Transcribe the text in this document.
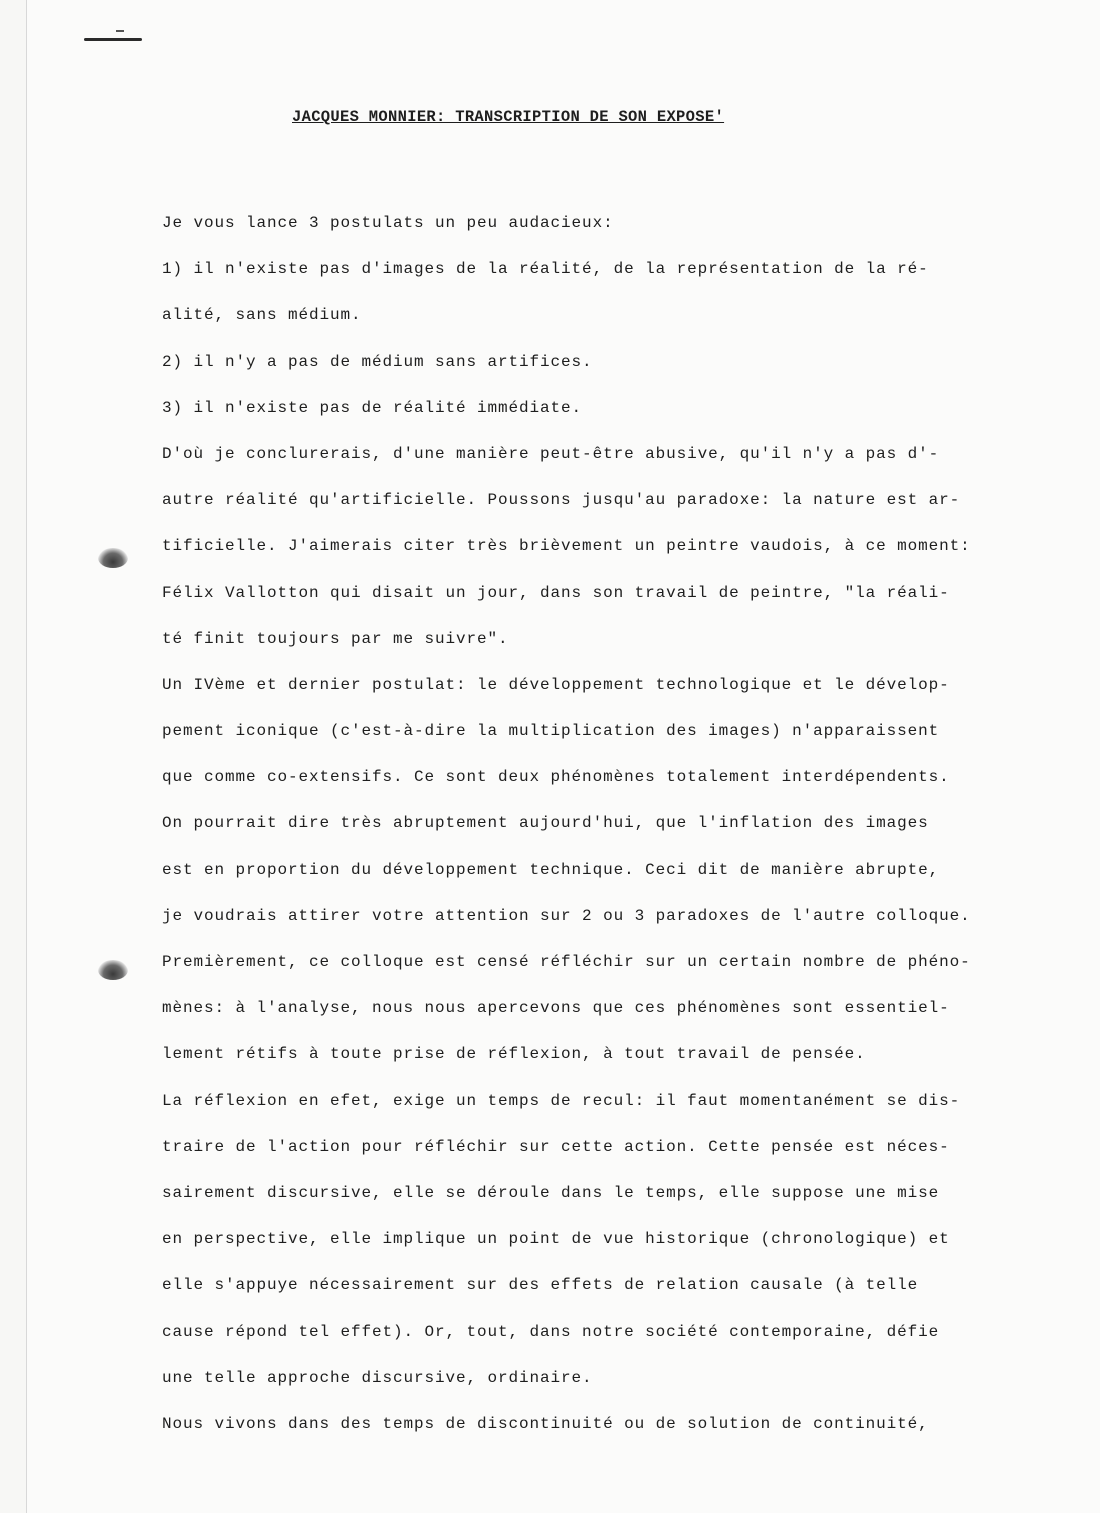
JACQUES MONNIER: TRANSCRIPTION DE SON EXPOSE'

Je vous lance 3 postulats un peu audacieux:

1) il n'existe pas d'images de la réalité, de la représentation de la ré-

alité, sans médium.

2) il n'y a pas de médium sans artifices.

3) il n'existe pas de réalité immédiate.

D'où je conclurerais, d'une manière peut-être abusive, qu'il n'y a pas d'-

autre réalité qu'artificielle. Poussons jusqu'au paradoxe: la nature est ar-

tificielle. J'aimerais citer très brièvement un peintre vaudois, à ce moment:

Félix Vallotton qui disait un jour, dans son travail de peintre, "la réali-

té finit toujours par me suivre".

Un IVème et dernier postulat: le développement technologique et le dévelop-

pement iconique (c'est-à-dire la multiplication des images) n'apparaissent

que comme co-extensifs. Ce sont deux phénomènes totalement interdépendents.

On pourrait dire très abruptement aujourd'hui, que l'inflation des images

est en proportion du développement technique. Ceci dit de manière abrupte,

je voudrais attirer votre attention sur 2 ou 3 paradoxes de l'autre colloque.

Premièrement, ce colloque est censé réfléchir sur un certain nombre de phéno-

mènes: à l'analyse, nous nous apercevons que ces phénomènes sont essentiel-

lement rétifs à toute prise de réflexion, à tout travail de pensée.

La réflexion en efet, exige un temps de recul: il faut momentanément se dis-

traire de l'action pour réfléchir sur cette action. Cette pensée est néces-

sairement discursive, elle se déroule dans le temps, elle suppose une mise

en perspective, elle implique un point de vue historique (chronologique) et

elle s'appuye nécessairement sur des effets de relation causale (à telle

cause répond tel effet). Or, tout, dans notre société contemporaine, défie

une telle approche discursive, ordinaire.

Nous vivons dans des temps de discontinuité ou de solution de continuité,
